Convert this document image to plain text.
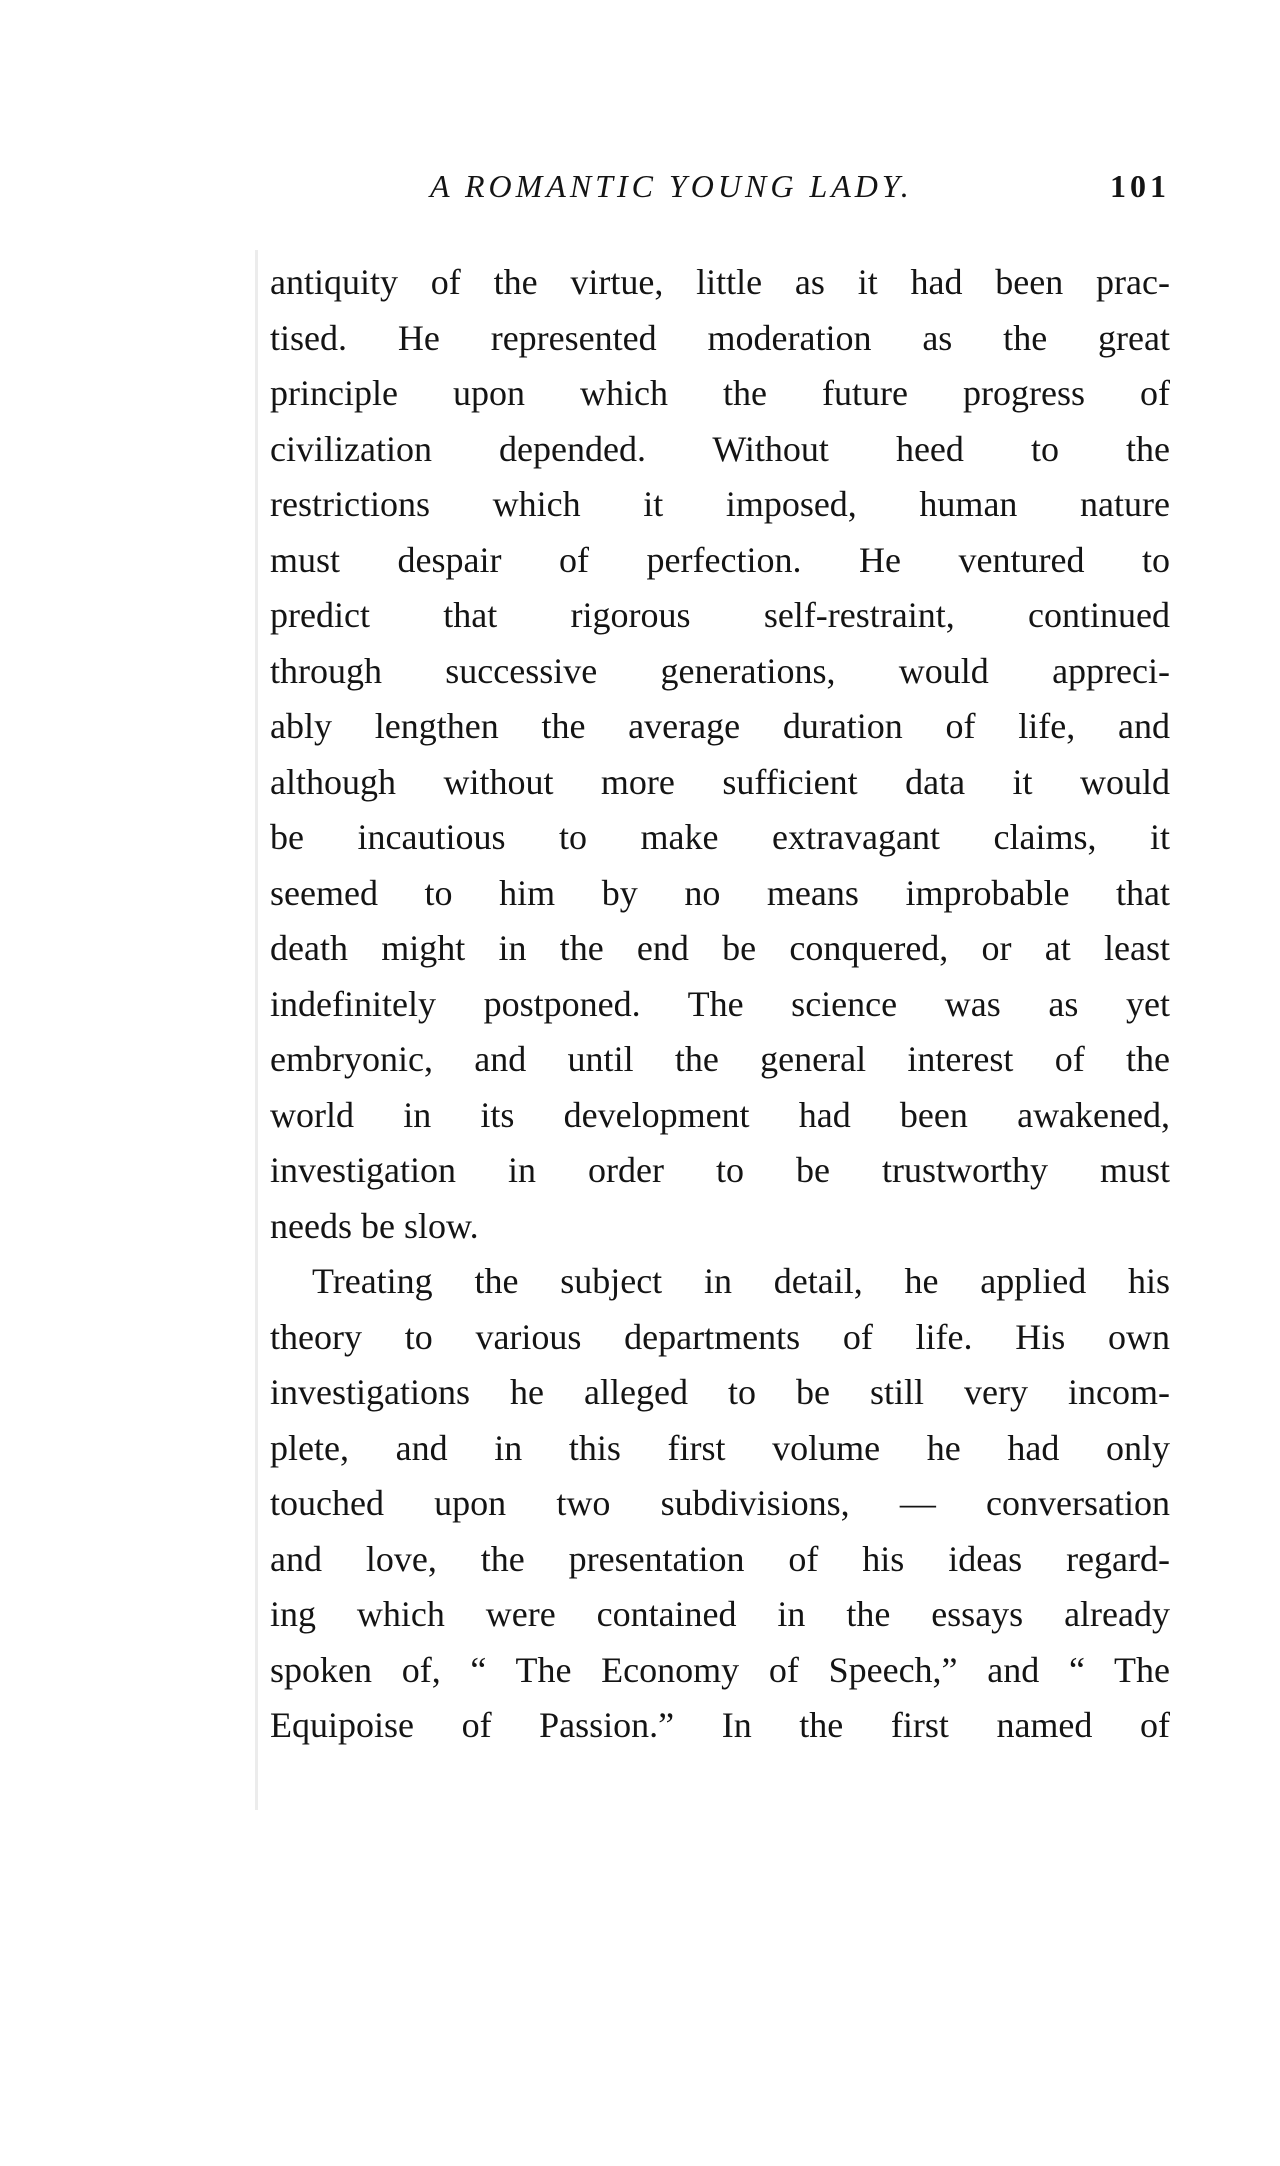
A ROMANTIC YOUNG LADY.	101
antiquity of the virtue, little as it had been prac-
tised. He represented moderation as the great
principle upon which the future progress of
civilization depended. Without heed to the
restrictions which it imposed, human nature
must despair of perfection. He ventured to
predict that rigorous self-restraint, continued
through successive generations, would appreci-
ably lengthen the average duration of life, and
although without more sufficient data it would
be incautious to make extravagant claims, it
seemed to him by no means improbable that
death might in the end be conquered, or at least
indefinitely postponed. The science was as yet
embryonic, and until the general interest of the
world in its development had been awakened,
investigation in order to be trustworthy must
needs be slow.
Treating the subject in detail, he applied his
theory to various departments of life. His own
investigations he alleged to be still very incom-
plete, and in this first volume he had only
touched upon two subdivisions, — conversation
and love, the presentation of his ideas regard-
ing which were contained in the essays already
spoken of, “ The Economy of Speech,” and “ The
Equipoise of Passion.” In the first named of
